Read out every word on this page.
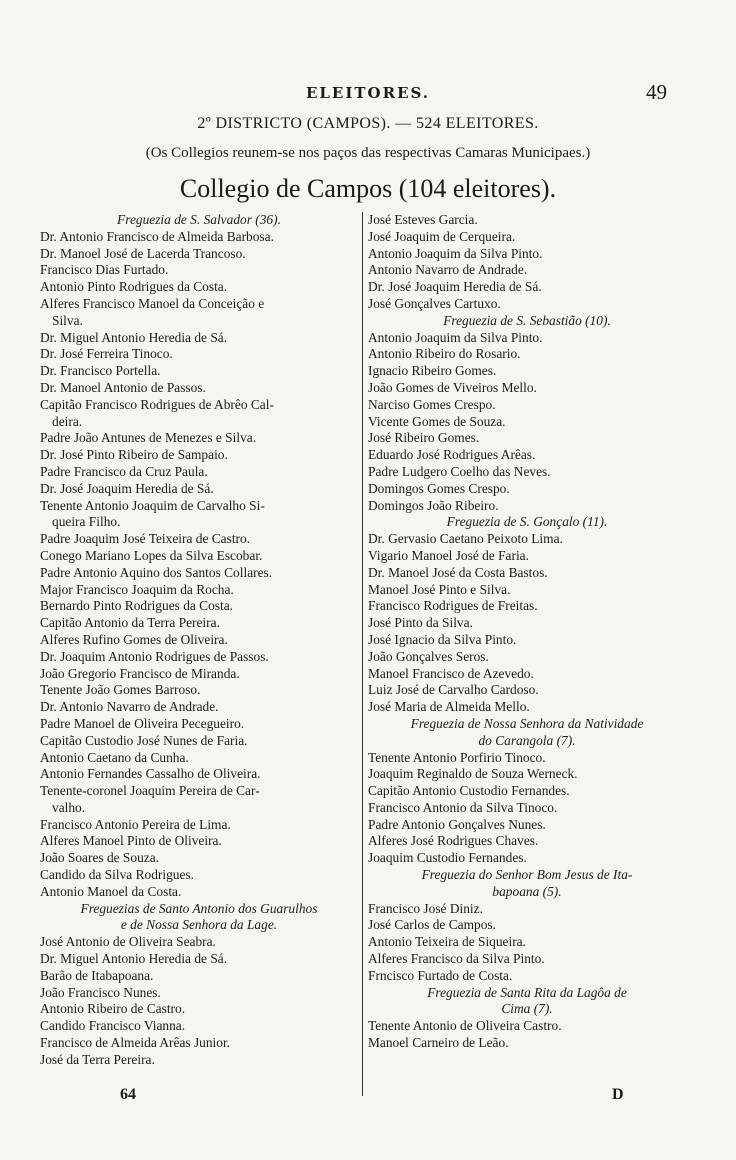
ELEITORES.	49
2º DISTRICTO (CAMPOS). — 524 ELEITORES.
(Os Collegios reunem-se nos paços das respectivas Camaras Municipaes.)
Collegio de Campos (104 eleitores).
Freguezia de S. Salvador (36).
Dr. Antonio Francisco de Almeida Barbosa.
Dr. Manoel José de Lacerda Trancoso.
Francisco Dias Furtado.
Antonio Pinto Rodrigues da Costa.
Alferes Francisco Manoel da Conceição e
Silva.
Dr. Miguel Antonio Heredia de Sá.
Dr. José Ferreira Tinoco.
Dr. Francisco Portella.
Dr. Manoel Antonio de Passos.
Capitão Francisco Rodrigues de Abrêo Cal-
deira.
Padre João Antunes de Menezes e Silva.
Dr. José Pinto Ribeiro de Sampaio.
Padre Francisco da Cruz Paula.
Dr. José Joaquim Heredia de Sá.
Tenente Antonio Joaquim de Carvalho Si-
queira Filho.
Padre Joaquim José Teixeira de Castro.
Conego Mariano Lopes da Silva Escobar.
Padre Antonio Aquino dos Santos Collares.
Major Francisco Joaquim da Rocha.
Bernardo Pinto Rodrigues da Costa.
Capitão Antonio da Terra Pereira.
Alferes Rufino Gomes de Oliveira.
Dr. Joaquim Antonio Rodrigues de Passos.
João Gregorio Francisco de Miranda.
Tenente João Gomes Barroso.
Dr. Antonio Navarro de Andrade.
Padre Manoel de Oliveira Pecegueiro.
Capitão Custodio José Nunes de Faria.
Antonio Caetano da Cunha.
Antonio Fernandes Cassalho de Oliveira.
Tenente-coronel Joaquim Pereira de Car-
valho.
Francisco Antonio Pereira de Lima.
Alferes Manoel Pinto de Oliveira.
João Soares de Souza.
Candido da Silva Rodrigues.
Antonio Manoel da Costa.
Freguezias de Santo Antonio dos Guarulhos
e de Nossa Senhora da Lage.
José Antonio de Oliveira Seabra.
Dr. Miguel Antonio Heredia de Sá.
Barão de Itabapoana.
João Francisco Nunes.
Antonio Ribeiro de Castro.
Candido Francisco Vianna.
Francisco de Almeida Arêas Junior.
José da Terra Pereira.
José Esteves Garcia.
José Joaquim de Cerqueira.
Antonio Joaquim da Silva Pinto.
Antonio Navarro de Andrade.
Dr. José Joaquim Heredia de Sá.
José Gonçalves Cartuxo.
Freguezia de S. Sebastião (10).
Antonio Joaquim da Silva Pinto.
Antonio Ribeiro do Rosario.
Ignacio Ribeiro Gomes.
João Gomes de Viveiros Mello.
Narciso Gomes Crespo.
Vicente Gomes de Souza.
José Ribeiro Gomes.
Eduardo José Rodrigues Arêas.
Padre Ludgero Coelho das Neves.
Domingos Gomes Crespo.
Domingos João Ribeiro.
Freguezia de S. Gonçalo (11).
Dr. Gervasio Caetano Peixoto Lima.
Vigario Manoel José de Faria.
Dr. Manoel José da Costa Bastos.
Manoel José Pinto e Silva.
Francisco Rodrigues de Freitas.
José Pinto da Silva.
José Ignacio da Silva Pinto.
João Gonçalves Seros.
Manoel Francisco de Azevedo.
Luiz José de Carvalho Cardoso.
José Maria de Almeida Mello.
Freguezia de Nossa Senhora da Natividade
do Carangola (7).
Tenente Antonio Porfirio Tinoco.
Joaquim Reginaldo de Souza Werneck.
Capitão Antonio Custodio Fernandes.
Francisco Antonio da Silva Tinoco.
Padre Antonio Gonçalves Nunes.
Alferes José Rodrigues Chaves.
Joaquim Custodio Fernandes.
Freguezia do Senhor Bom Jesus de Ita-
bapoana (5).
Francisco José Diniz.
José Carlos de Campos.
Antonio Teixeira de Siqueira.
Alferes Francisco da Silva Pinto.
Frncisco Furtado de Costa.
Freguezia de Santa Rita da Lagôa de
Cima (7).
Tenente Antonio de Oliveira Castro.
Manoel Carneiro de Leão.
64	D
